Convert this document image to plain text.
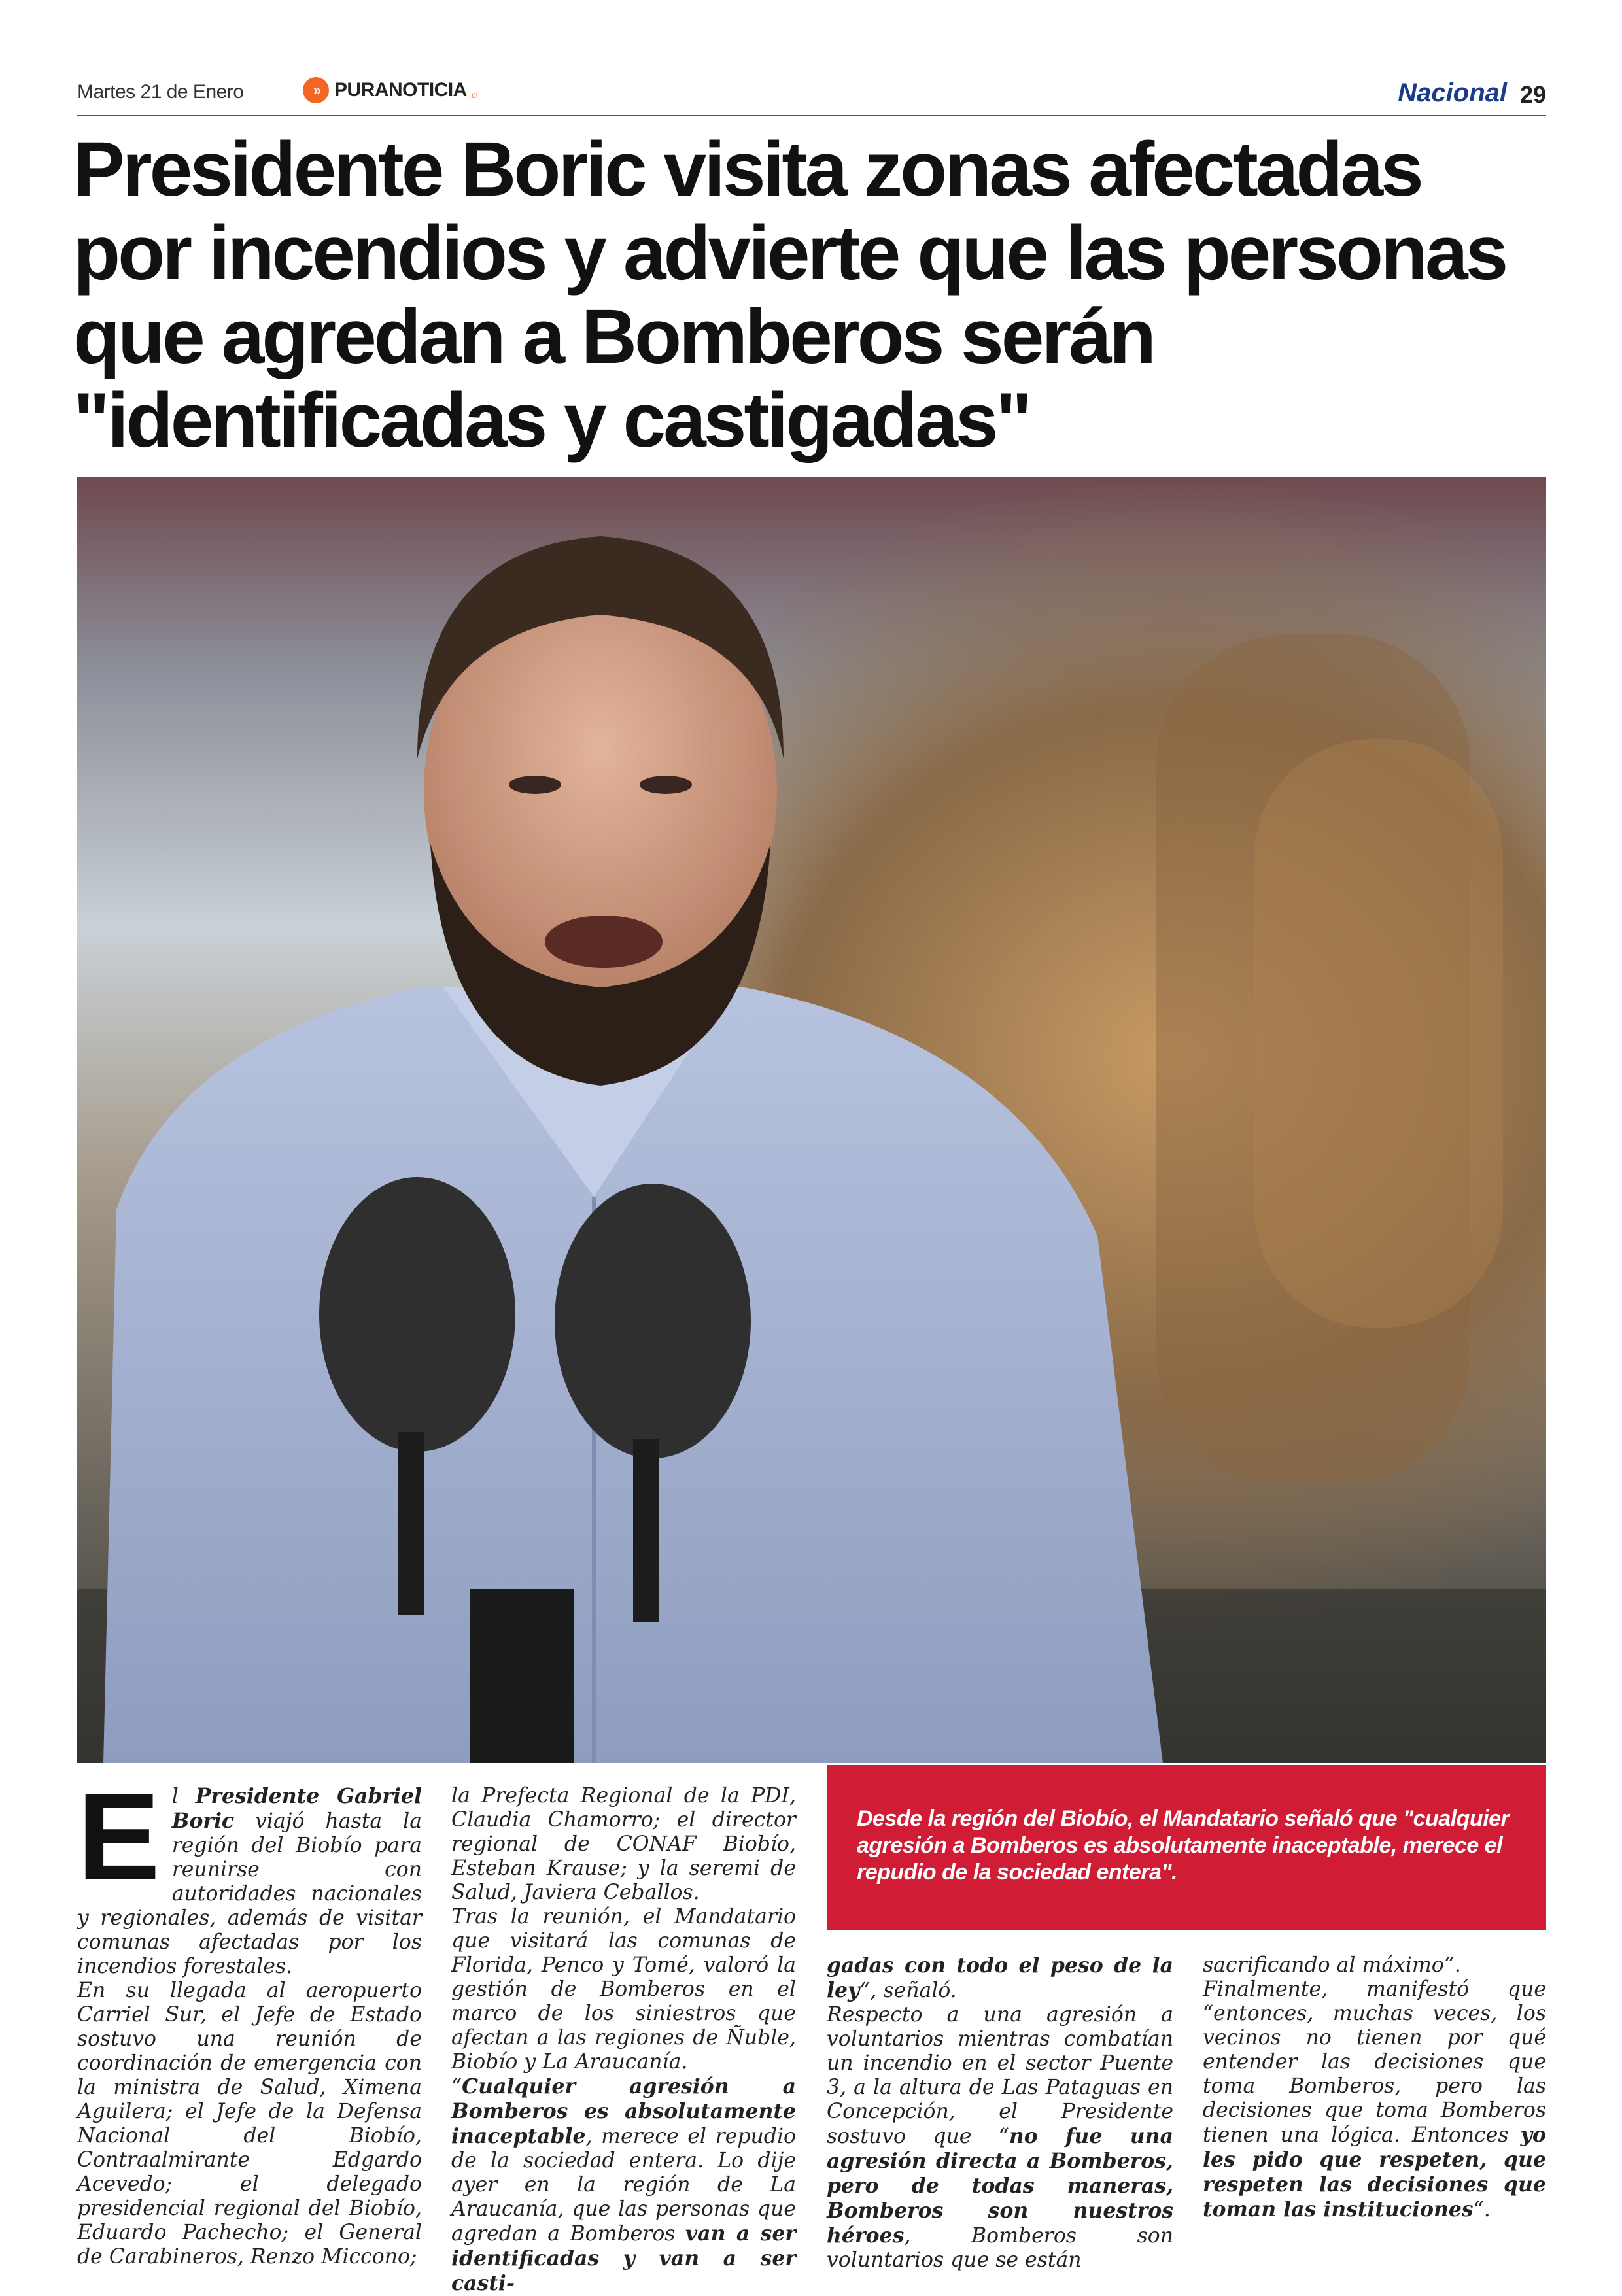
Martes 21 de Enero	» PURANOTICIA .cl	Nacional 29
Presidente Boric visita zonas afectadas por incendios y advierte que las personas que agredan a Bomberos serán "identificadas y castigadas"
E l Presidente Gabriel Boric viajó hasta la región del Biobío para reunirse con autoridades nacionales y regionales, además de visitar comunas afectadas por los incendios forestales.

En su llegada al aeropuerto Carriel Sur, el Jefe de Estado sostuvo una reunión de coordinación de emergencia con la ministra de Salud, Ximena Aguilera; el Jefe de la Defensa Nacional del Biobío, Contraalmirante Edgardo Acevedo; el delegado presidencial regional del Biobío, Eduardo Pachecho; el General de Carabineros, Renzo Miccono;

la Prefecta Regional de la PDI, Claudia Chamorro; el director regional de CONAF Biobío, Esteban Krause; y la seremi de Salud, Javiera Ceballos.

Tras la reunión, el Mandatario que visitará las comunas de Florida, Penco y Tomé, valoró la gestión de Bomberos en el marco de los siniestros que afectan a las regiones de Ñuble, Biobío y La Araucanía.

“Cualquier agresión a Bomberos es absolutamente inaceptable, merece el repudio de la sociedad entera. Lo dije ayer en la región de La Araucanía, que las personas que agredan a Bomberos van a ser identificadas y van a ser casti-

Desde la región del Biobío, el Mandatario señaló que "cualquier agresión a Bomberos es absolutamente inaceptable, merece el repudio de la sociedad entera".

gadas con todo el peso de la ley“, señaló.

Respecto a una agresión a voluntarios mientras combatían un incendio en el sector Puente 3, a la altura de Las Pataguas en Concepción, el Presidente sostuvo que “no fue una agresión directa a Bomberos, pero de todas maneras, Bomberos son nuestros héroes, Bomberos son voluntarios que se están

sacrificando al máximo“.

Finalmente, manifestó que “entonces, muchas veces, los vecinos no tienen por qué entender las decisiones que toma Bomberos, pero las decisiones que toma Bomberos tienen una lógica. Entonces yo les pido que respeten, que respeten las decisiones que toman las instituciones“.
